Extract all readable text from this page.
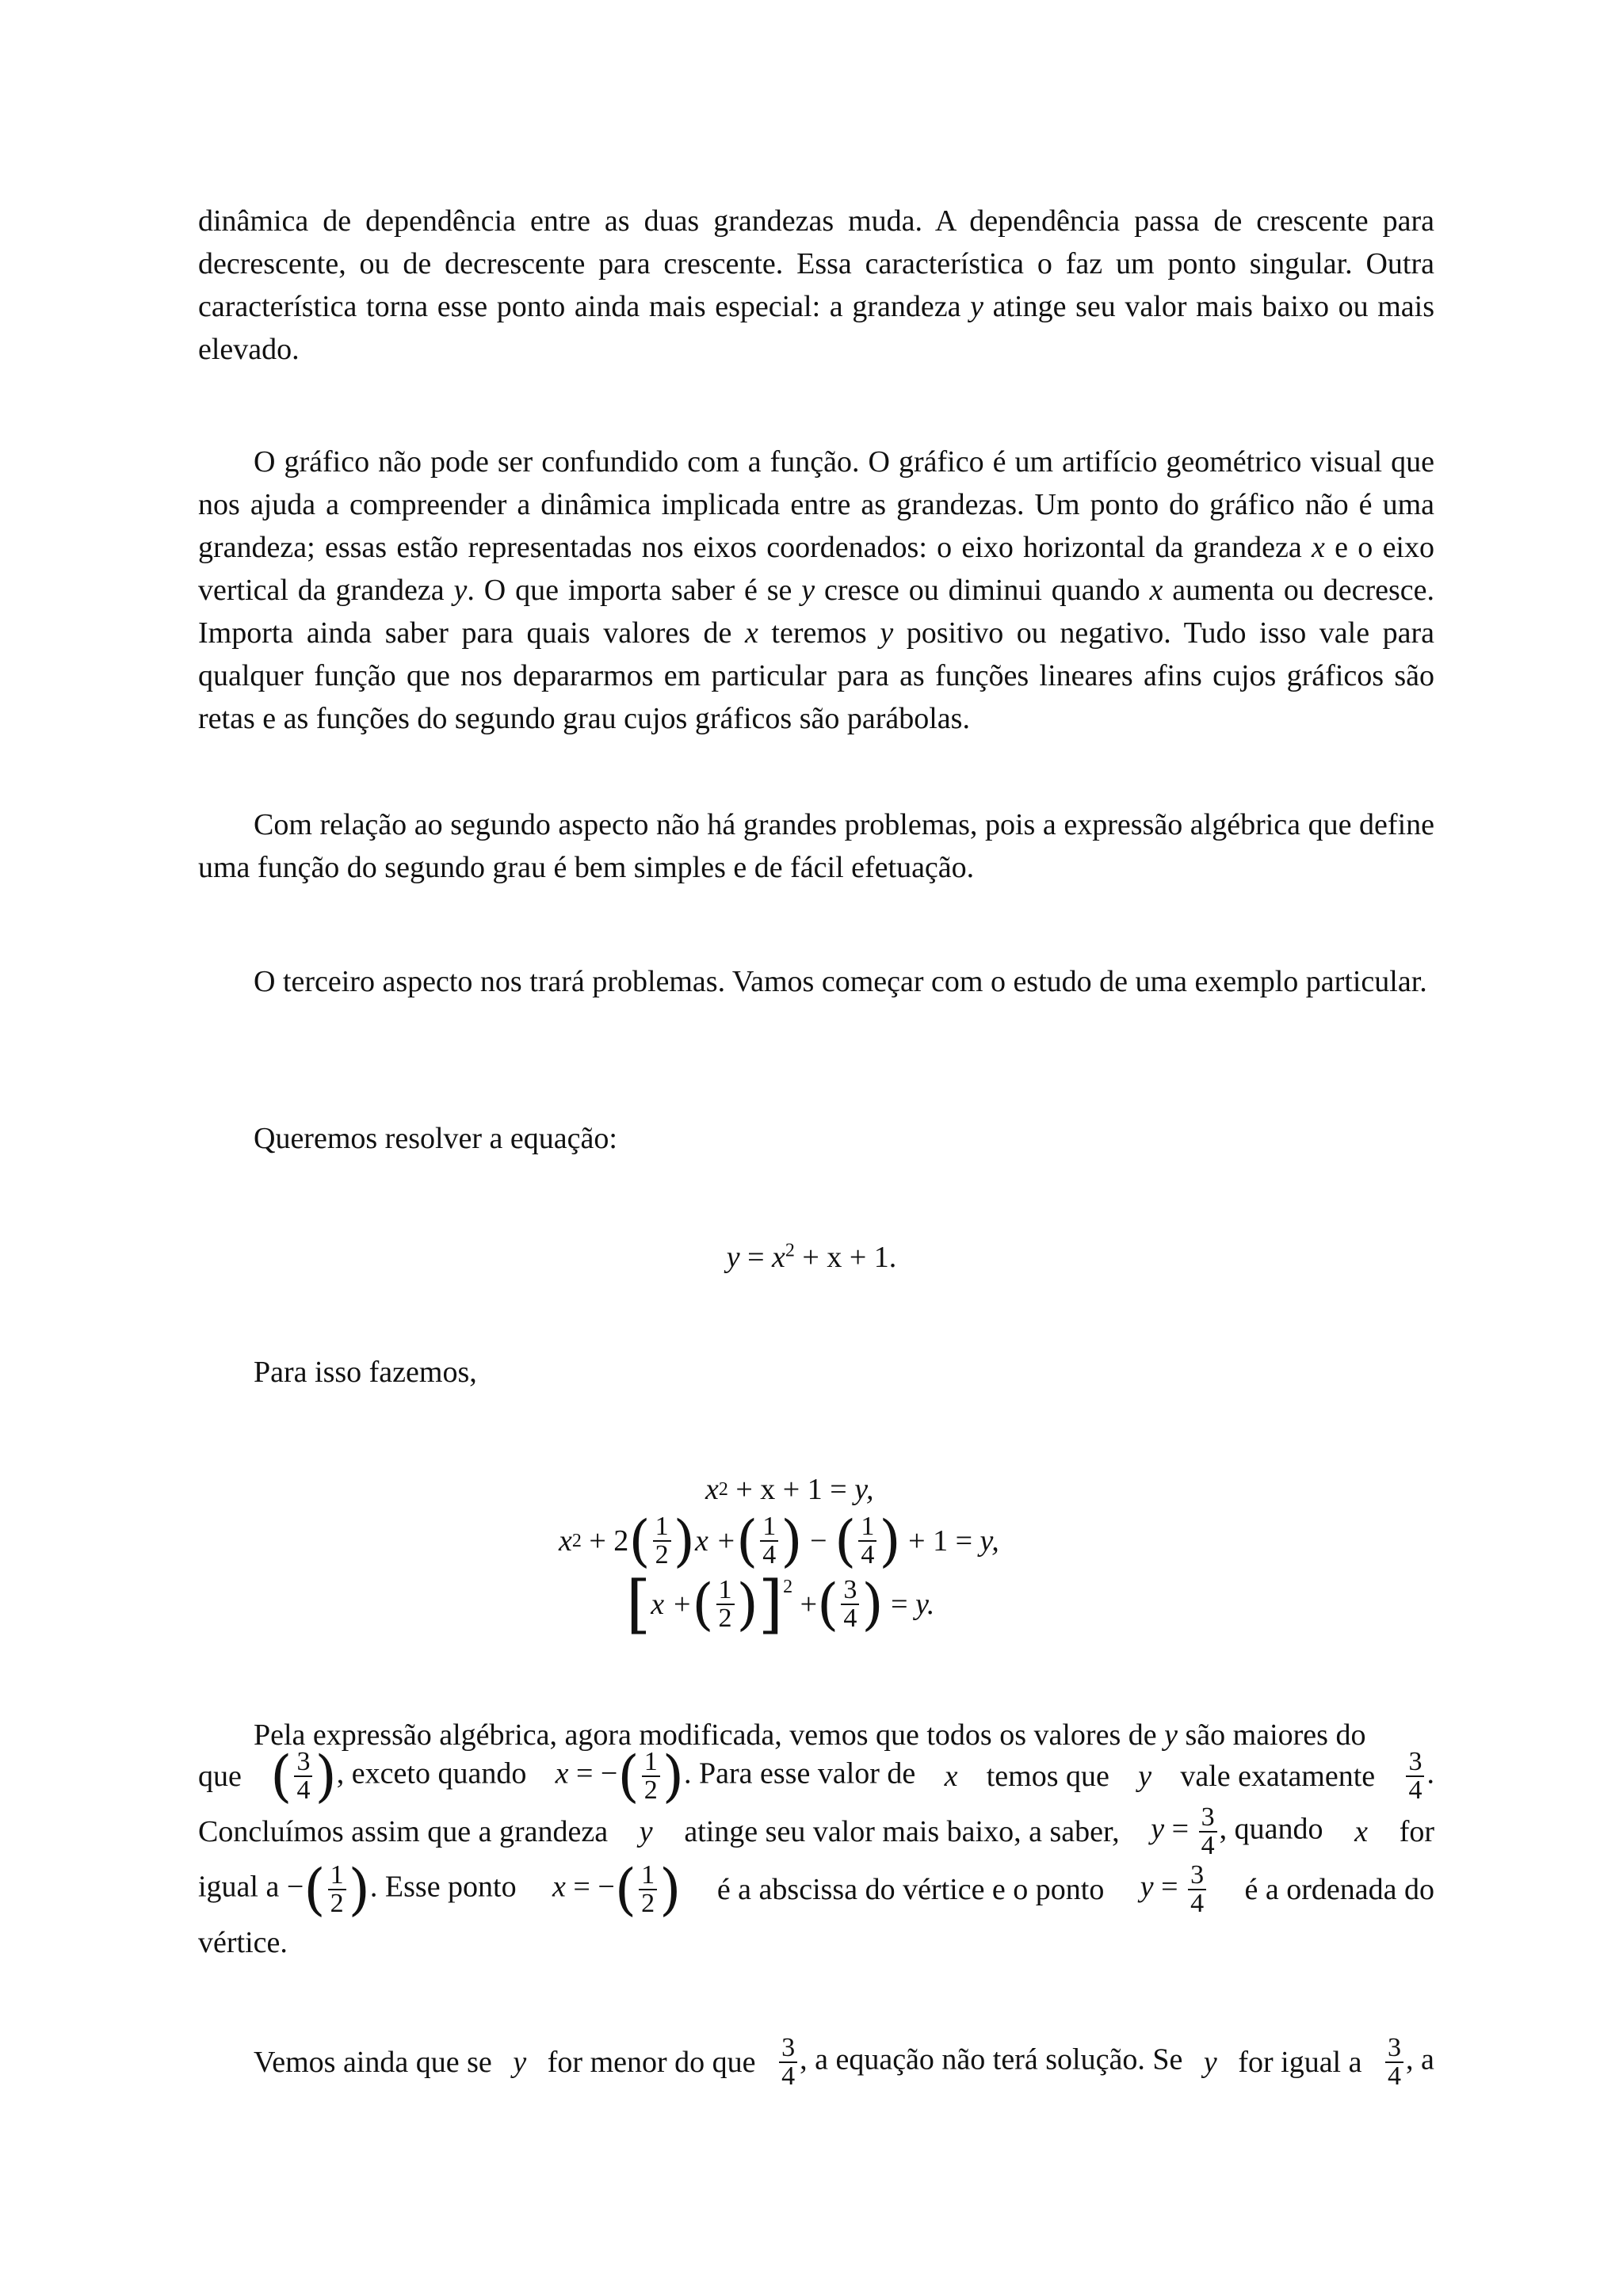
dinâmica de dependência entre as duas grandezas muda. A dependência passa de crescente para decrescente, ou de decrescente para crescente. Essa característica o faz um ponto singular. Outra característica torna esse ponto ainda mais especial: a grandeza y atinge seu valor mais baixo ou mais elevado.

O gráfico não pode ser confundido com a função. O gráfico é um artifício geométrico visual que nos ajuda a compreender a dinâmica implicada entre as grandezas. Um ponto do gráfico não é uma grandeza; essas estão representadas nos eixos coordenados: o eixo horizontal da grandeza x e o eixo vertical da grandeza y. O que importa saber é se y cresce ou diminui quando x aumenta ou decresce. Importa ainda saber para quais valores de x teremos y positivo ou negativo. Tudo isso vale para qualquer função que nos depararmos em particular para as funções lineares afins cujos gráficos são retas e as funções do segundo grau cujos gráficos são parábolas.

Com relação ao segundo aspecto não há grandes problemas, pois a expressão algébrica que define uma função do segundo grau é bem simples e de fácil efetuação.

O terceiro aspecto nos trará problemas. Vamos começar com o estudo de uma exemplo particular.

Queremos resolver a equação:

$y = x^2 + x + 1$.

Para isso fazemos,

x 2
+ x + 1
=
y,
x 2
+ 2 ( $\frac{1}{2}$ ) x + ( $\frac{1}{4}$ )
−
( $\frac{1}{4}$ )
+ 1
=
y,
[ x + ( $\frac{1}{2}$ ) ]$^2$

+ ( $\frac{3}{4}$ )
=
y.
Pela expressão algébrica, agora modificada, vemos que todos os valores de
y
são maiores do
que ( $\frac{3}{4}$ ), exceto quando x = −( $\frac{1}{2}$ ). Para esse valor de x temos que y vale exatamente $\frac{3}{4}$ .
Concluímos assim que a grandeza y atinge seu valor mais baixo, a saber, $y = \frac{3}{4}$ , quando x for
igual a −( $\frac{1}{2}$ ). Esse ponto x = −( $\frac{1}{2}$ ) é a abscissa do vértice e o ponto $y = \frac{3}{4}$ é a ordenada do
vértice.
Vemos ainda que se y for menor do que $\frac{3}{4}$ , a equação não terá solução. Se y for igual a $\frac{3}{4}$ , a
